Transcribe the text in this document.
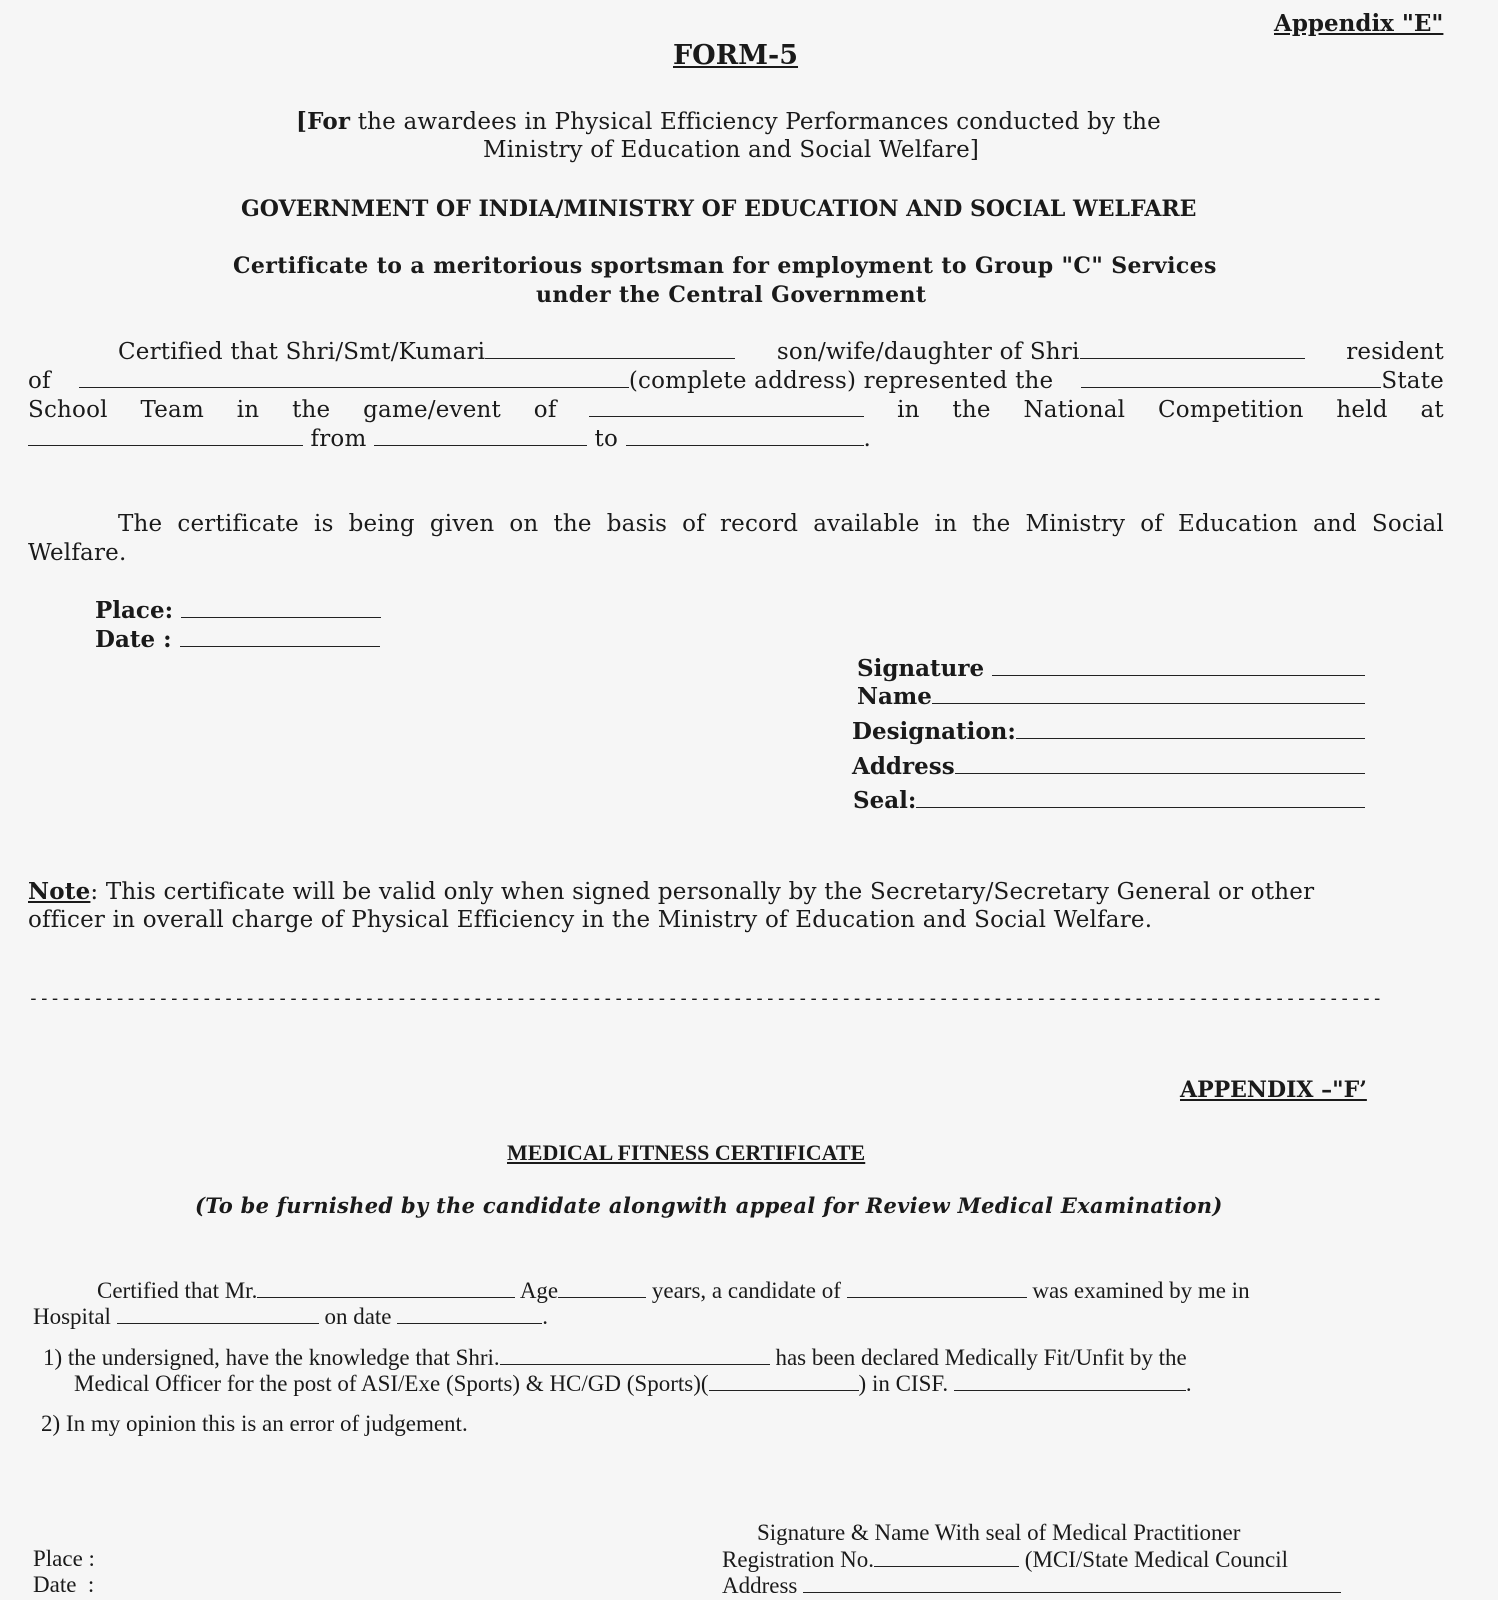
Appendix "E"
FORM-5
[For the awardees in Physical Efficiency Performances conducted by the
Ministry of Education and Social Welfare]
GOVERNMENT OF INDIA/MINISTRY OF EDUCATION AND SOCIAL WELFARE
Certificate to a meritorious sportsman for employment to Group "C" Services
under the Central Government
Certified that Shri/Smt/Kumari	son/wife/daughter of Shri	resident
of	(complete address) represented the	State
School Team in the game/event of	in the National Competition held at
from	to	.
The certificate is being given on the basis of record available in the Ministry of Education and Social
Welfare.
Place:
Date :
Signature

Name
Designation:
Address
Seal:
Note: This certificate will be valid only when signed personally by the Secretary/Secretary General or other
officer in overall charge of Physical Efficiency in the Ministry of Education and Social Welfare.
-----------------------------------------------------------------------------------------------------------------------------
APPENDIX –"F’
MEDICAL FITNESS CERTIFICATE
(To be furnished by the candidate alongwith appeal for Review Medical Examination)
Certified that Mr.	Age	years, a candidate of	was examined by me in
Hospital	on date	.
1) the undersigned, have the knowledge that Shri.	has been declared Medically Fit/Unfit by the
Medical Officer for the post of ASI/Exe (Sports) & HC/GD (Sports)(	) in CISF.	.
2) In my opinion this is an error of judgement.
Signature & Name With seal of Medical Practitioner
Registration No.	(MCI/State Medical Council
Address
Place :
Date  :
